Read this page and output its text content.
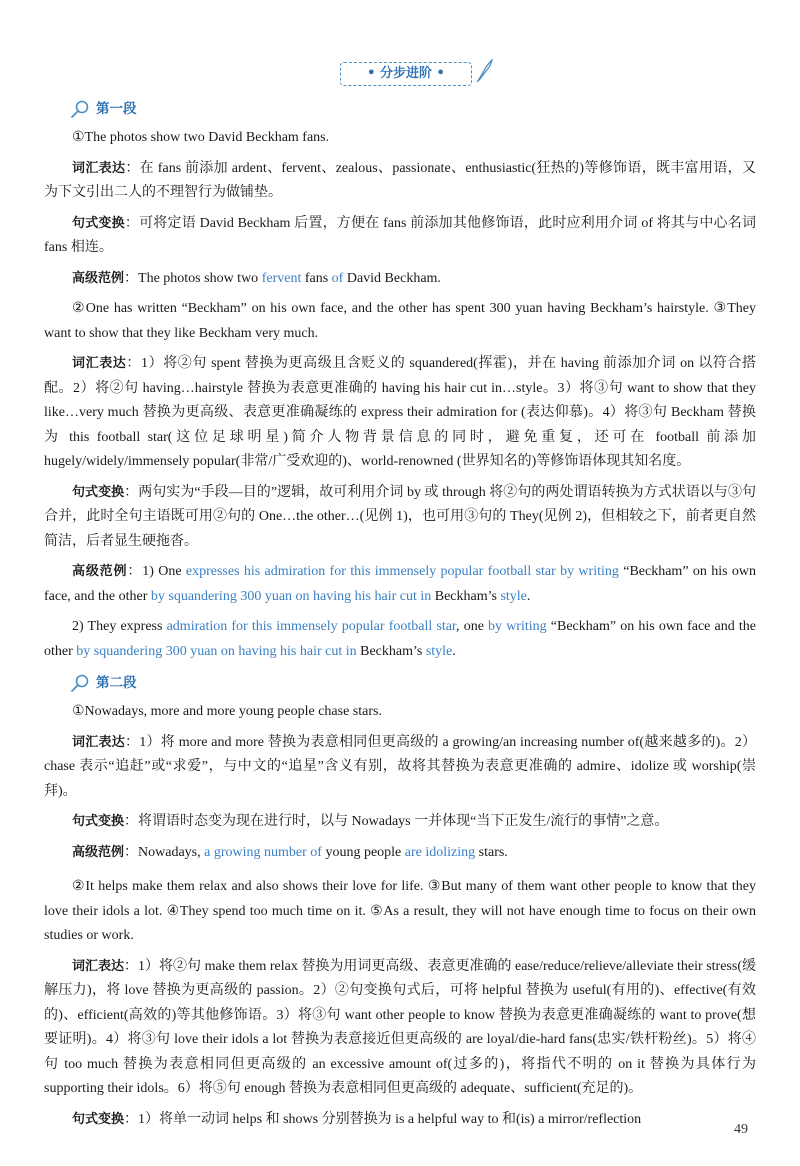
• 分步进阶 •
第一段

①The photos show two David Beckham fans.

词汇表达：在 fans 前添加 ardent、fervent、zealous、passionate、enthusiastic(狂热的)等修饰语，既丰富用语，又为下文引出二人的不理智行为做铺垫。

句式变换：可将定语 David Beckham 后置，方便在 fans 前添加其他修饰语，此时应利用介词 of 将其与中心名词 fans 相连。

高级范例：The photos show two fervent fans of David Beckham.

②One has written “Beckham” on his own face, and the other has spent 300 yuan having Beckham’s hairstyle. ③They want to show that they like Beckham very much.

词汇表达：1）将②句 spent 替换为更高级且含贬义的 squandered(挥霍)，并在 having 前添加介词 on 以符合搭配。2）将②句 having…hairstyle 替换为表意更准确的 having his hair cut in…style。3）将③句 want to show that they like…very much 替换为更高级、表意更准确凝练的 express their admiration for (表达仰慕)。4）将③句 Beckham 替换为 this football star(这位足球明星)简介人物背景信息的同时，避免重复，还可在 football 前添加 hugely/widely/immensely popular(非常/广受欢迎的)、world-renowned (世界知名的)等修饰语体现其知名度。

句式变换：两句实为“手段—目的”逻辑，故可利用介词 by 或 through 将②句的两处谓语转换为方式状语以与③句合并，此时全句主语既可用②句的 One…the other…(见例 1)，也可用③句的 They(见例 2)，但相较之下，前者更自然简洁，后者显生硬拖沓。

高级范例：1) One expresses his admiration for this immensely popular football star by writing “Beckham” on his own face, and the other by squandering 300 yuan on having his hair cut in Beckham’s style.

2) They express admiration for this immensely popular football star, one by writing “Beckham” on his own face and the other by squandering 300 yuan on having his hair cut in Beckham’s style.

第二段

①Nowadays, more and more young people chase stars.

词汇表达：1）将 more and more 替换为表意相同但更高级的 a growing/an increasing number of(越来越多的)。2）chase 表示“追赶”或“求爱”，与中文的“追星”含义有别，故将其替换为表意更准确的 admire、idolize 或 worship(崇拜)。

句式变换：将谓语时态变为现在进行时，以与 Nowadays 一并体现“当下正发生/流行的事情”之意。

高级范例：Nowadays, a growing number of young people are idolizing stars.

②It helps make them relax and also shows their love for life. ③But many of them want other people to know that they love their idols a lot. ④They spend too much time on it. ⑤As a result, they will not have enough time to focus on their own studies or work.

词汇表达：1）将②句 make them relax 替换为用词更高级、表意更准确的 ease/reduce/relieve/alleviate their stress(缓解压力)，将 love 替换为更高级的 passion。2）②句变换句式后，可将 helpful 替换为 useful(有用的)、effective(有效的)、efficient(高效的)等其他修饰语。3）将③句 want other people to know 替换为表意更准确凝练的 want to prove(想要证明)。4）将③句 love their idols a lot 替换为表意接近但更高级的 are loyal/die-hard fans(忠实/铁杆粉丝)。5）将④句 too much 替换为表意相同但更高级的 an excessive amount of(过多的)，将指代不明的 on it 替换为具体行为 supporting their idols。6）将⑤句 enough 替换为表意相同但更高级的 adequate、sufficient(充足的)。

句式变换：1）将单一动词 helps 和 shows 分别替换为 is a helpful way to 和(is) a mirror/reflection

49
